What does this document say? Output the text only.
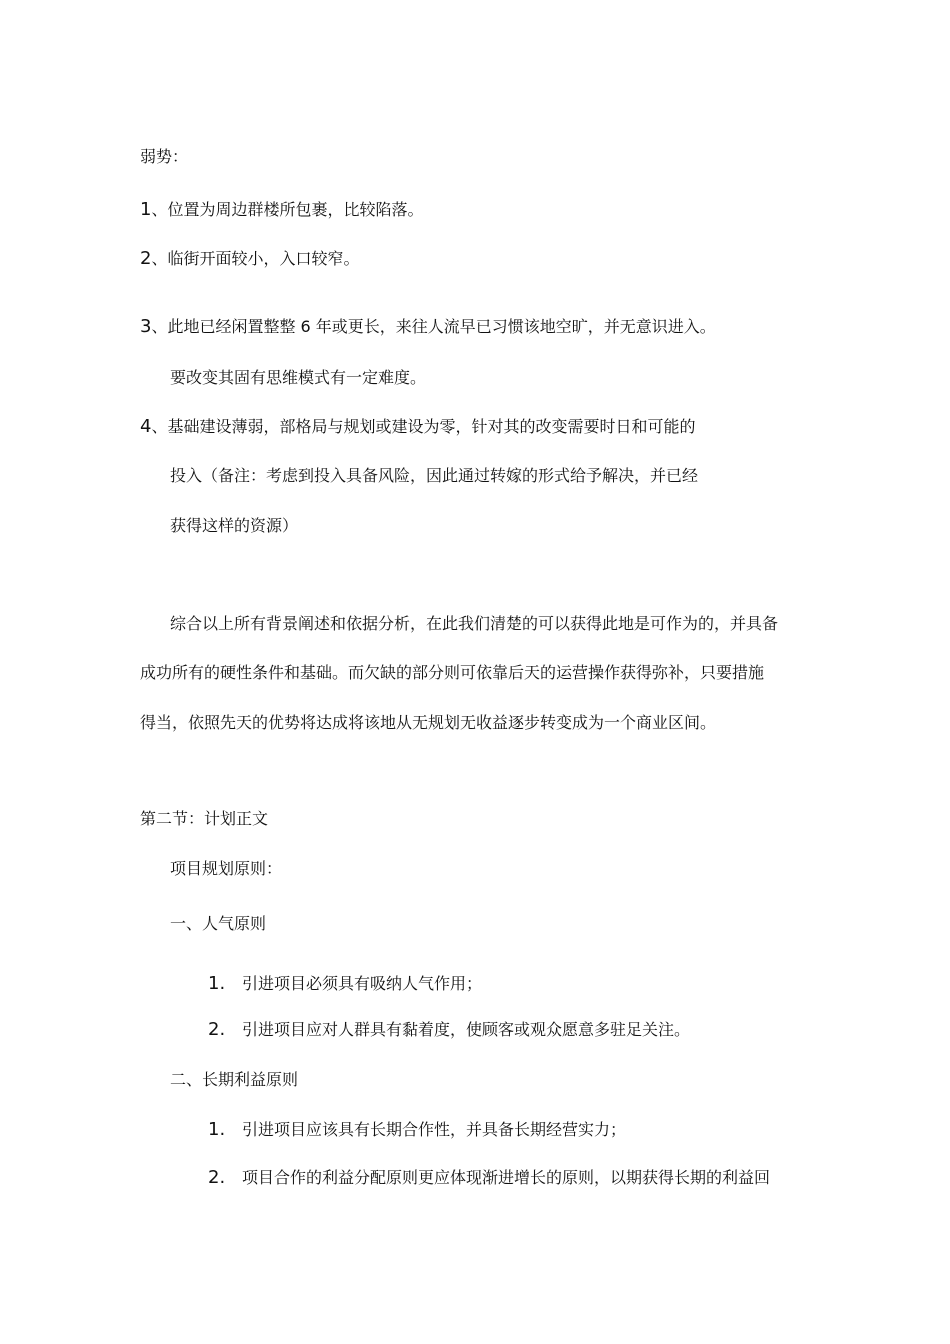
弱势：
1、位置为周边群楼所包裹，比较陷落。
2、临街开面较小，入口较窄。
3、此地已经闲置整整 6 年或更长，来往人流早已习惯该地空旷，并无意识进入。
要改变其固有思维模式有一定难度。
4、基础建设薄弱，部格局与规划或建设为零，针对其的改变需要时日和可能的
投入（备注：考虑到投入具备风险，因此通过转嫁的形式给予解决，并已经
获得这样的资源）
综合以上所有背景阐述和依据分析，在此我们清楚的可以获得此地是可作为的，并具备
成功所有的硬性条件和基础。而欠缺的部分则可依靠后天的运营操作获得弥补，只要措施
得当，依照先天的优势将达成将该地从无规划无收益逐步转变成为一个商业区间。
第二节：计划正文
项目规划原则：
一、人气原则
1. 引进项目必须具有吸纳人气作用；
2. 引进项目应对人群具有黏着度，使顾客或观众愿意多驻足关注。
二、长期利益原则
1. 引进项目应该具有长期合作性，并具备长期经营实力；
2. 项目合作的利益分配原则更应体现渐进增长的原则，以期获得长期的利益回
